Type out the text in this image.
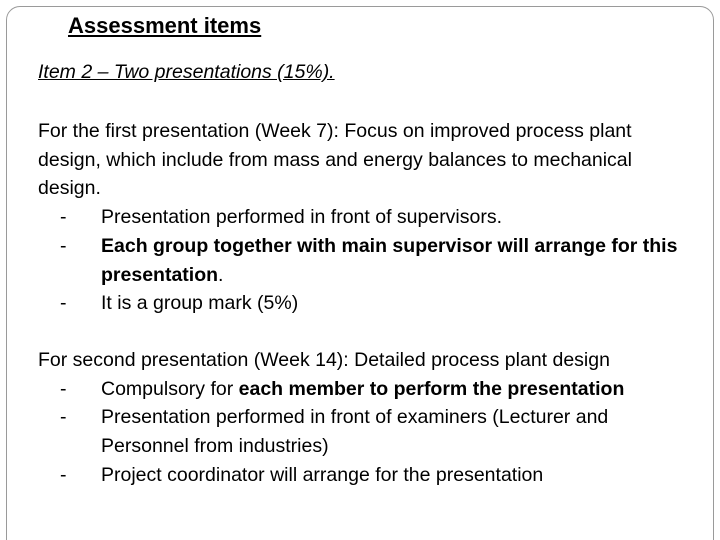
Assessment items

Item 2 – Two presentations (15%).

For the first presentation (Week 7): Focus on improved process plant design, which include from mass and energy balances to mechanical design.

- Presentation performed in front of supervisors.
- Each group together with main supervisor will arrange for this presentation.
- It is a group mark (5%)

For second presentation (Week 14): Detailed process plant design

- Compulsory for each member to perform the presentation
- Presentation performed in front of examiners (Lecturer and Personnel from industries)
- Project coordinator will arrange for the presentation
